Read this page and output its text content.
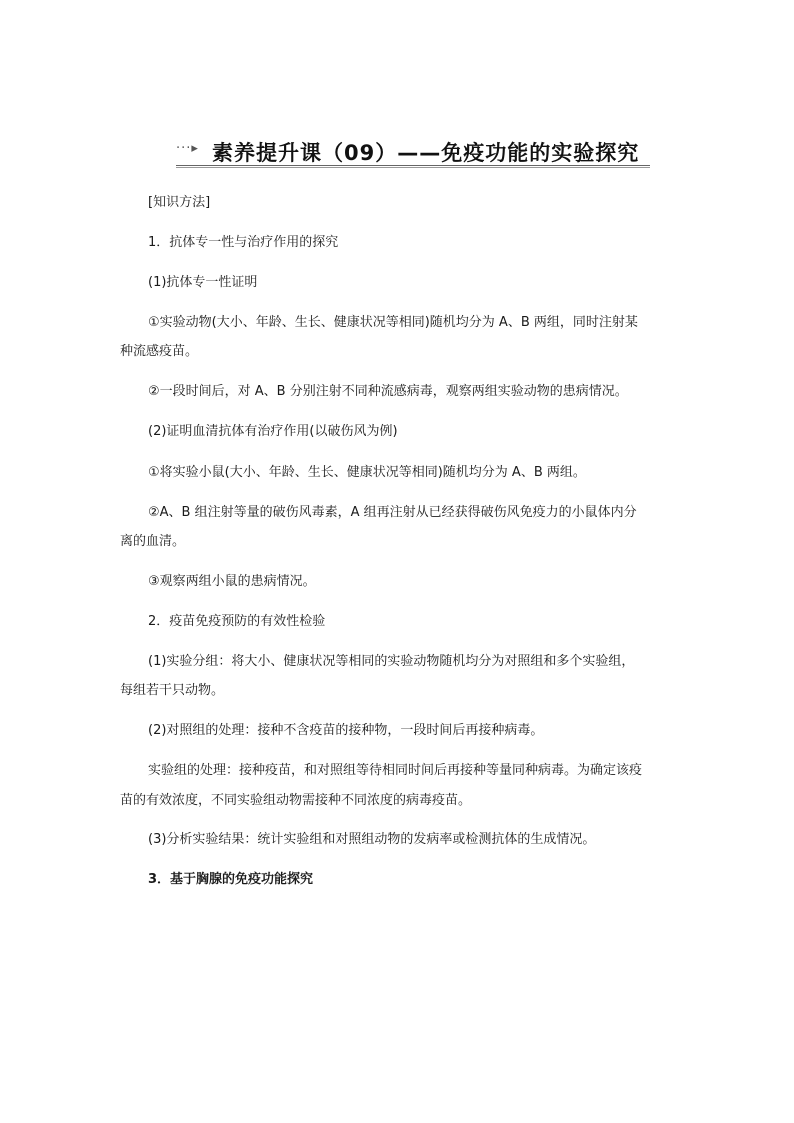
···▸ 素养提升课（09）——免疫功能的实验探究
[知识方法]
1．抗体专一性与治疗作用的探究
(1)抗体专一性证明
①实验动物(大小、年龄、生长、健康状况等相同)随机均分为 A、B 两组，同时注射某
种流感疫苗。
②一段时间后，对 A、B 分别注射不同种流感病毒，观察两组实验动物的患病情况。
(2)证明血清抗体有治疗作用(以破伤风为例)
①将实验小鼠(大小、年龄、生长、健康状况等相同)随机均分为 A、B 两组。
②A、B 组注射等量的破伤风毒素，A 组再注射从已经获得破伤风免疫力的小鼠体内分
离的血清。
③观察两组小鼠的患病情况。
2．疫苗免疫预防的有效性检验
(1)实验分组：将大小、健康状况等相同的实验动物随机均分为对照组和多个实验组，
每组若干只动物。
(2)对照组的处理：接种不含疫苗的接种物，一段时间后再接种病毒。
实验组的处理：接种疫苗，和对照组等待相同时间后再接种等量同种病毒。为确定该疫
苗的有效浓度，不同实验组动物需接种不同浓度的病毒疫苗。
(3)分析实验结果：统计实验组和对照组动物的发病率或检测抗体的生成情况。
3．基于胸腺的免疫功能探究
